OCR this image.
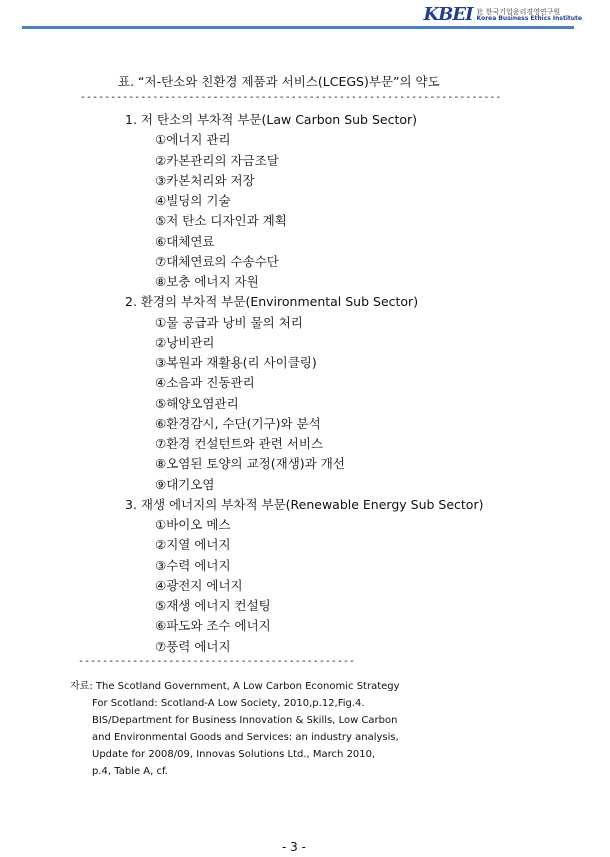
KBEI 社 한국기업윤리경영연구원
Korea Business Ethics Institute
표. “저-탄소와 친환경 제품과 서비스(LCEGS)부문”의 약도
----------------------------------------------------------------------
1. 저 탄소의 부차적 부문(Law Carbon Sub Sector)
①에너지 관리
②카본관리의 자금조달
③카본처리와 저장
④빌딩의 기술
⑤저 탄소 디자인과 계획
⑥대체연료
⑦대체연료의 수송수단
⑧보충 에너지 자원
2. 환경의 부차적 부문(Environmental Sub Sector)
①물 공급과 낭비 물의 처리
②낭비관리
③복원과 재활용(리 사이클링)
④소음과 진동관리
⑤해양오염관리
⑥환경감시, 수단(기구)와 분석
⑦환경 컨설턴트와 관련 서비스
⑧오염된 토양의 교정(재생)과 개선
⑨대기오염
3. 재생 에너지의 부차적 부문(Renewable Energy Sub Sector)
①바이오 메스
②지열 에너지
③수력 에너지
④광전지 에너지
⑤재생 에너지 컨설팅
⑥파도와 조수 에너지
⑦풍력 에너지
----------------------------------------------
자료: The Scotland Government, A Low Carbon Economic Strategy
For Scotland: Scotland-A Low Society, 2010,p.12,Fig.4.
BIS/Department for Business Innovation & Skills, Low Carbon
and Environmental Goods and Services: an industry analysis,
Update for 2008/09, Innovas Solutions Ltd., March 2010,
p.4, Table A, cf.
- 3 -
